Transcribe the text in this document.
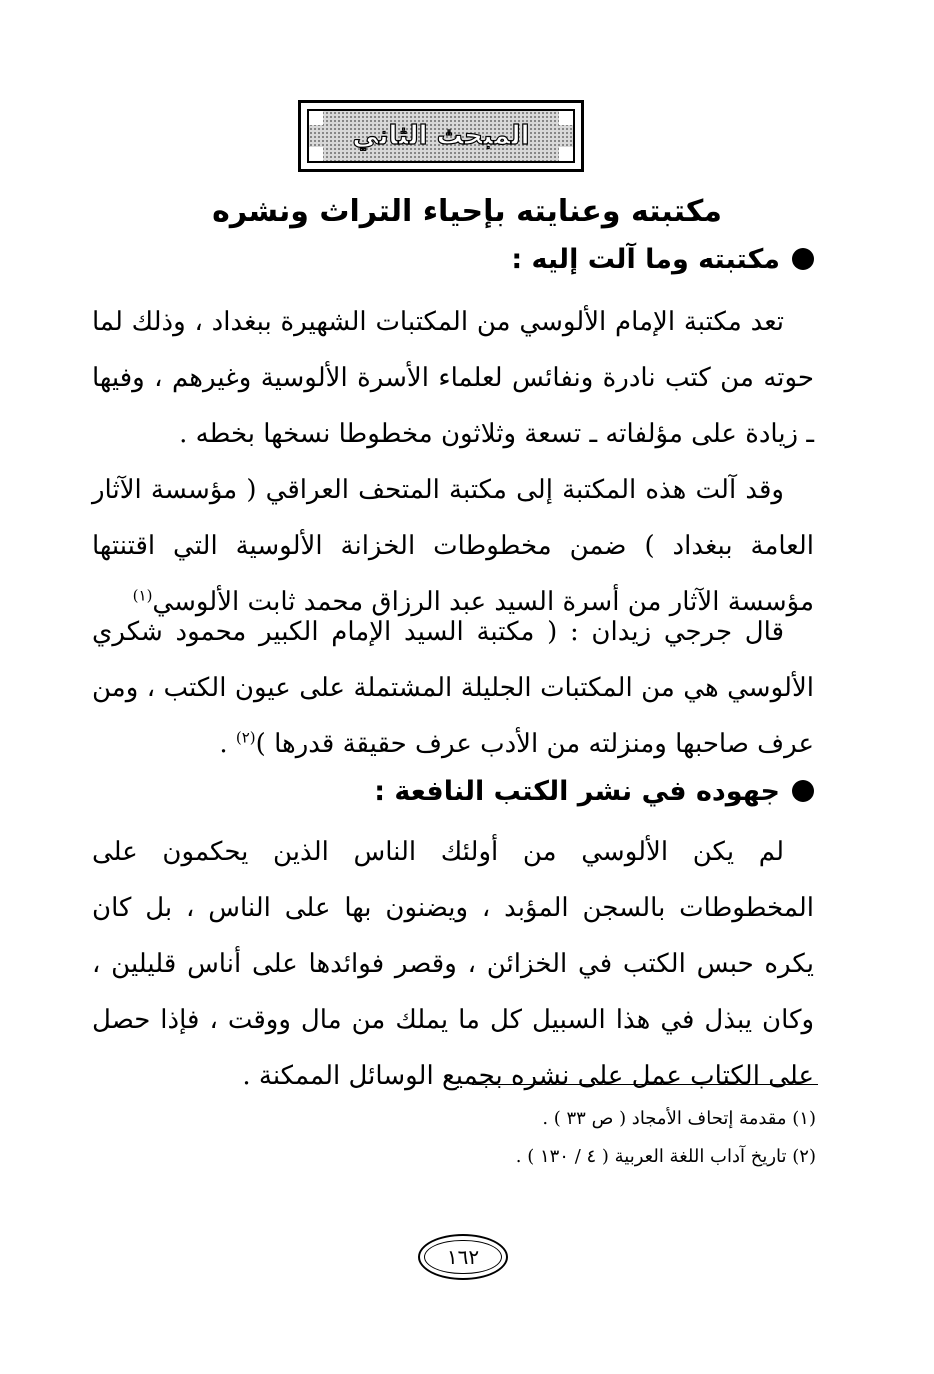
المبحث الثاني
مكتبته وعنايته بإحياء التراث ونشره
مكتبته وما آلت إليه :
تعد مكتبة الإمام الألوسي من المكتبات الشهيرة ببغداد ، وذلك لما حوته من كتب نادرة ونفائس لعلماء الأسرة الألوسية وغيرهم ، وفيها ـ زيادة على مؤلفاته ـ تسعة وثلاثون مخطوطا نسخها بخطه .
وقد آلت هذه المكتبة إلى مكتبة المتحف العراقي ( مؤسسة الآثار العامة ببغداد ) ضمن مخطوطات الخزانة الألوسية التي اقتنتها مؤسسة الآثار من أسرة السيد عبد الرزاق محمد ثابت الألوسي$^{(١)}$
قال جرجي زيدان : ( مكتبة السيد الإمام الكبير محمود شكري الألوسي هي من المكتبات الجليلة المشتملة على عيون الكتب ، ومن عرف صاحبها ومنزلته من الأدب عرف حقيقة قدرها )$^{(٢)}$ .
جهوده في نشر الكتب النافعة :
لم يكن الألوسي من أولئك الناس الذين يحكمون على المخطوطات بالسجن المؤبد ، ويضنون بها على الناس ، بل كان يكره حبس الكتب في الخزائن ، وقصر فوائدها على أناس قليلين ، وكان يبذل في هذا السبيل كل ما يملك من مال ووقت ، فإذا حصل على الكتاب عمل على نشره بجميع الوسائل الممكنة .
(١) مقدمة إتحاف الأمجاد ( ص ٣٣ ) .
(٢) تاريخ آداب اللغة العربية ( ٤ / ١٣٠ ) .
١٦٢
